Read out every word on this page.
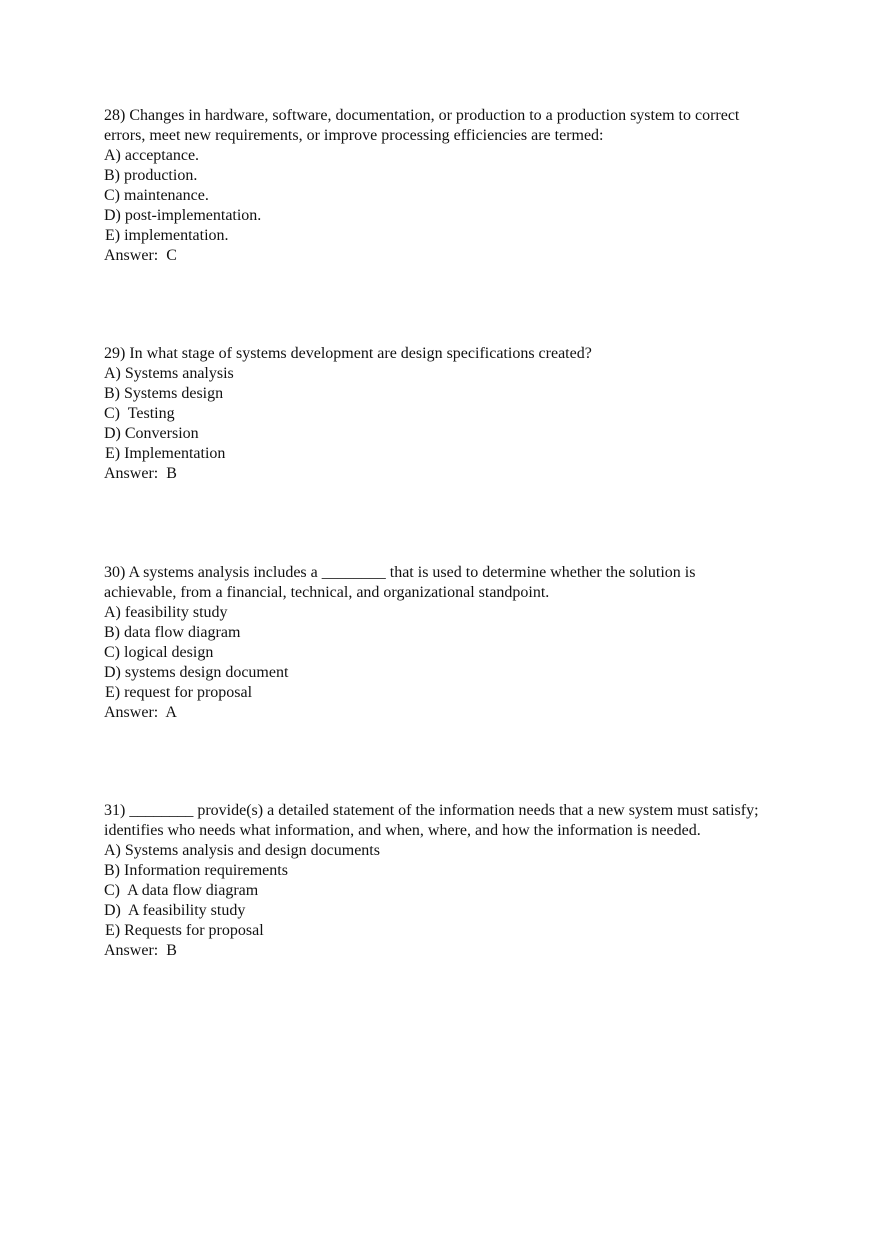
28) Changes in hardware, software, documentation, or production to a production system to correct errors, meet new requirements, or improve processing efficiencies are termed:

A) acceptance.
B) production.
C) maintenance.
D) post-implementation.
E) implementation.

Answer:  C

29) In what stage of systems development are design specifications created?

A) Systems analysis
B) Systems design
C)  Testing
D) Conversion
E) Implementation

Answer:  B

30) A systems analysis includes a ________ that is used to determine whether the solution is achievable, from a financial, technical, and organizational standpoint.

A) feasibility study
B) data flow diagram
C) logical design
D) systems design document
E) request for proposal

Answer:  A

31) ________ provide(s) a detailed statement of the information needs that a new system must satisfy; identifies who needs what information, and when, where, and how the information is needed.

A) Systems analysis and design documents
B) Information requirements
C)  A data flow diagram
D)  A feasibility study
E) Requests for proposal

Answer:  B
